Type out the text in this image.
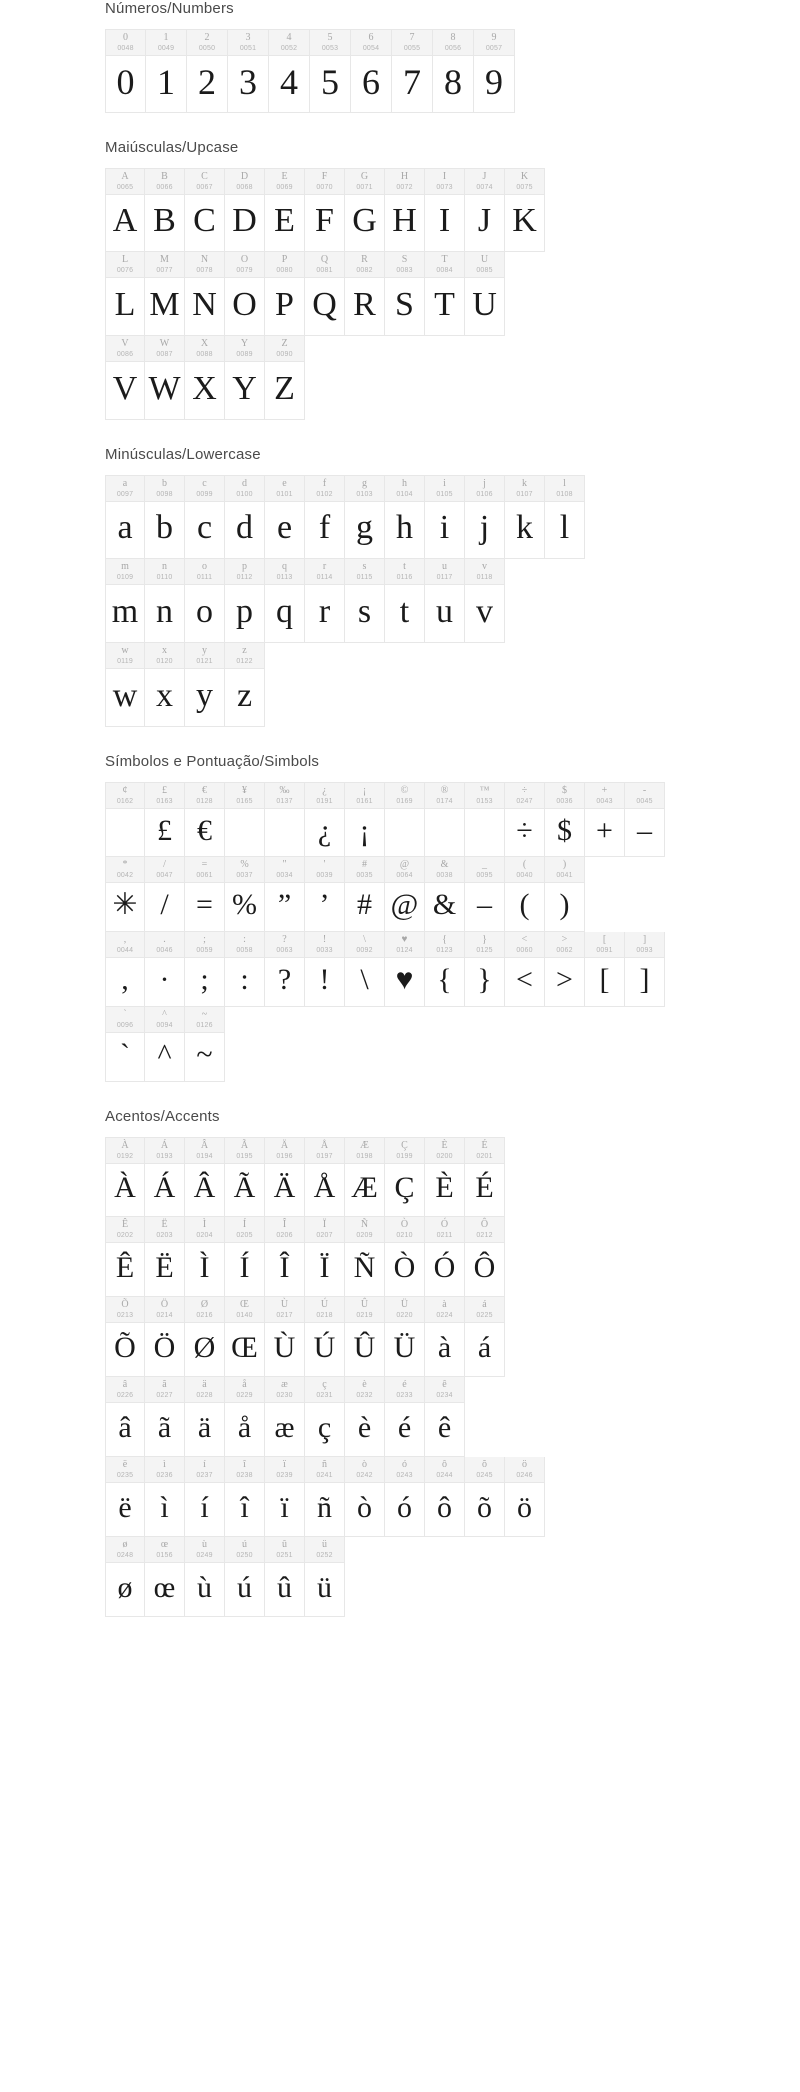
Números/Numbers
0
0048
0
1
0049
1
2
0050
2
3
0051
3
4
0052
4
5
0053
5
6
0054
6
7
0055
7
8
0056
8
9
0057
9
Maiúsculas/Upcase
A
0065
A
B
0066
B
C
0067
C
D
0068
D
E
0069
E
F
0070
F
G
0071
G
H
0072
H
I
0073
I
J
0074
J
K
0075
K
L
0076
L
M
0077
M
N
0078
N
O
0079
O
P
0080
P
Q
0081
Q
R
0082
R
S
0083
S
T
0084
T
U
0085
U
V
0086
V
W
0087
W
X
0088
X
Y
0089
Y
Z
0090
Z
Minúsculas/Lowercase
a
0097
a
b
0098
b
c
0099
c
d
0100
d
e
0101
e
f
0102
f
g
0103
g
h
0104
h
i
0105
i
j
0106
j
k
0107
k
l
0108
l
m
0109
m
n
0110
n
o
0111
o
p
0112
p
q
0113
q
r
0114
r
s
0115
s
t
0116
t
u
0117
u
v
0118
v
w
0119
w
x
0120
x
y
0121
y
z
0122
z
Símbolos e Pontuação/Simbols
¢
0162
£
0163
£
€
0128
€
¥
0165
‰
0137
¿
0191
¿
¡
0161
¡
©
0169
®
0174
™
0153
÷
0247
÷
$
0036
$
+
0043
+
-
0045
–
*
0042
✳
/
0047
/
=
0061
=
%
0037
%
"
0034
”
'
0039
’
#
0035
#
@
0064
@
&
0038
&
_
0095
–
(
0040
(
)
0041
)
,
0044
,
.
0046
·
;
0059
;
:
0058
:
?
0063
?
!
0033
!
\
0092
\
♥
0124
♥
{
0123
{
}
0125
}
<
0060
<
>
0062
>
[
0091
[
]
0093
]
`
0096
`
^
0094
^
~
0126
~
Acentos/Accents
À
0192
À
Á
0193
Á
Â
0194
Â
Ã
0195
Ã
Ä
0196
Ä
Å
0197
Å
Æ
0198
Æ
Ç
0199
Ç
È
0200
È
É
0201
É
Ê
0202
Ê
Ë
0203
Ë
Ì
0204
Ì
Í
0205
Í
Î
0206
Î
Ï
0207
Ï
Ñ
0209
Ñ
Ò
0210
Ò
Ó
0211
Ó
Ô
0212
Ô
Õ
0213
Õ
Ö
0214
Ö
Ø
0216
Ø
Œ
0140
Œ
Ù
0217
Ù
Ú
0218
Ú
Û
0219
Û
Ü
0220
Ü
à
0224
à
á
0225
á
â
0226
â
ã
0227
ã
ä
0228
ä
å
0229
å
æ
0230
æ
ç
0231
ç
è
0232
è
é
0233
é
ê
0234
ê
ë
0235
ë
ì
0236
ì
í
0237
í
î
0238
î
ï
0239
ï
ñ
0241
ñ
ò
0242
ò
ó
0243
ó
ô
0244
ô
õ
0245
õ
ö
0246
ö
ø
0248
ø
œ
0156
œ
ù
0249
ù
ú
0250
ú
û
0251
û
ü
0252
ü
